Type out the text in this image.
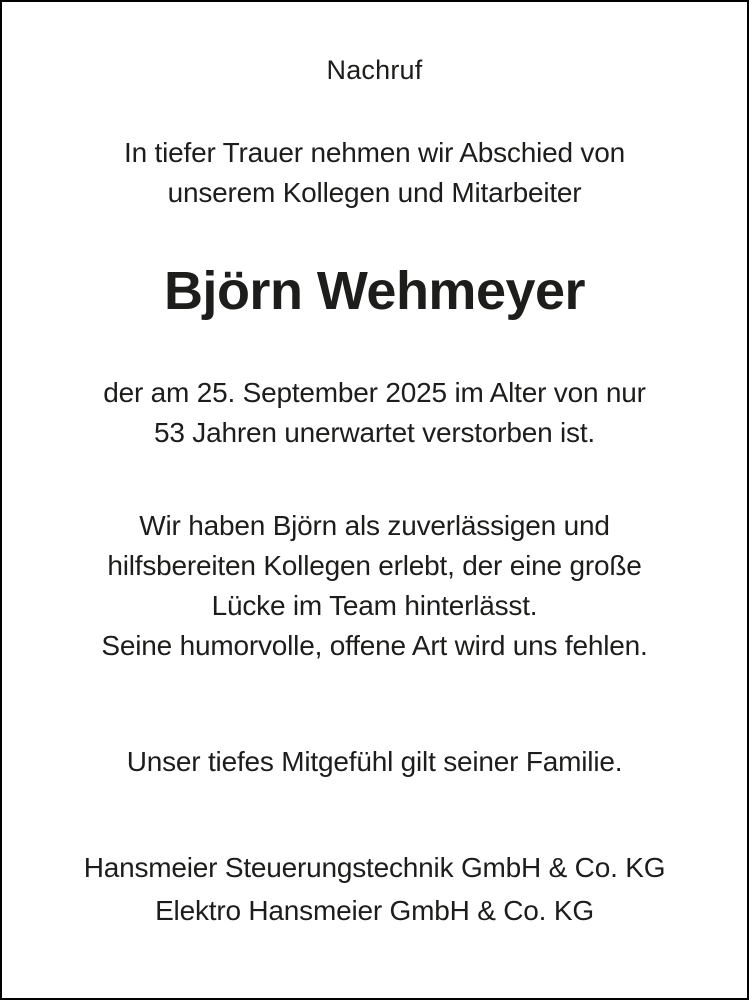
Nachruf
In tiefer Trauer nehmen wir Abschied von
unserem Kollegen und Mitarbeiter
Björn Wehmeyer
der am 25. September 2025 im Alter von nur
53 Jahren unerwartet verstorben ist.
Wir haben Björn als zuverlässigen und
hilfsbereiten Kollegen erlebt, der eine große
Lücke im Team hinterlässt.
Seine humorvolle, offene Art wird uns fehlen.
Unser tiefes Mitgefühl gilt seiner Familie.
Hansmeier Steuerungstechnik GmbH & Co. KG
Elektro Hansmeier GmbH & Co. KG
